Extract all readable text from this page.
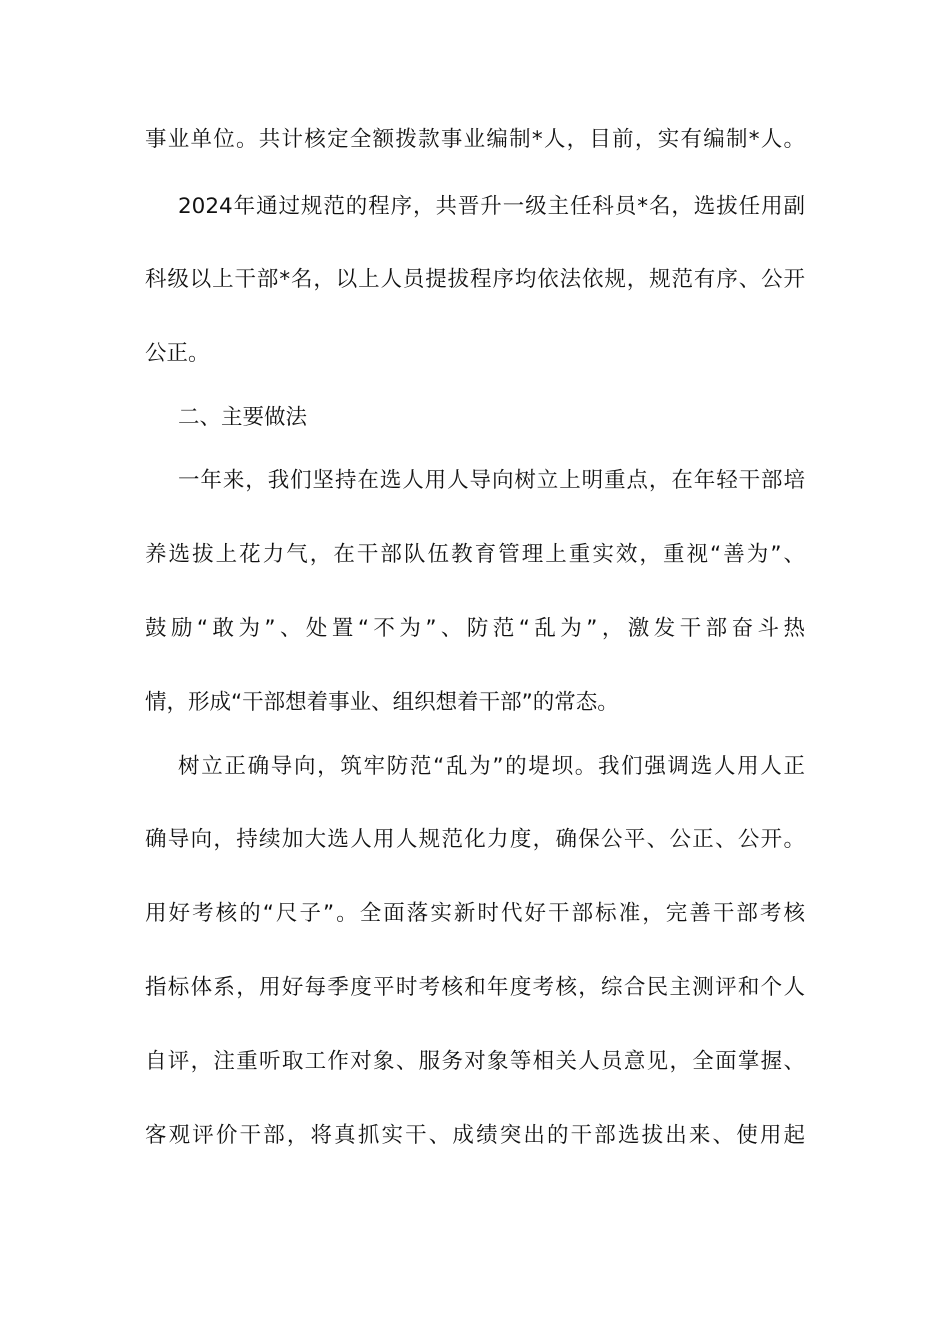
事业单位。共计核定全额拨款事业编制*人，目前，实有编制*人。
2024年通过规范的程序，共晋升一级主任科员*名，选拔任用副
科级以上干部*名，以上人员提拔程序均依法依规，规范有序、公开
公正。
二、主要做法
一年来，我们坚持在选人用人导向树立上明重点，在年轻干部培
养选拔上花力气，在干部队伍教育管理上重实效，重视“善为”、
鼓励“敢为”、处置“不为”、防范“乱为”，激发干部奋斗热
情，形成“干部想着事业、组织想着干部”的常态。
树立正确导向，筑牢防范“乱为”的堤坝。我们强调选人用人正
确导向，持续加大选人用人规范化力度，确保公平、公正、公开。
用好考核的“尺子”。全面落实新时代好干部标准，完善干部考核
指标体系，用好每季度平时考核和年度考核，综合民主测评和个人
自评，注重听取工作对象、服务对象等相关人员意见，全面掌握、
客观评价干部，将真抓实干、成绩突出的干部选拔出来、使用起
